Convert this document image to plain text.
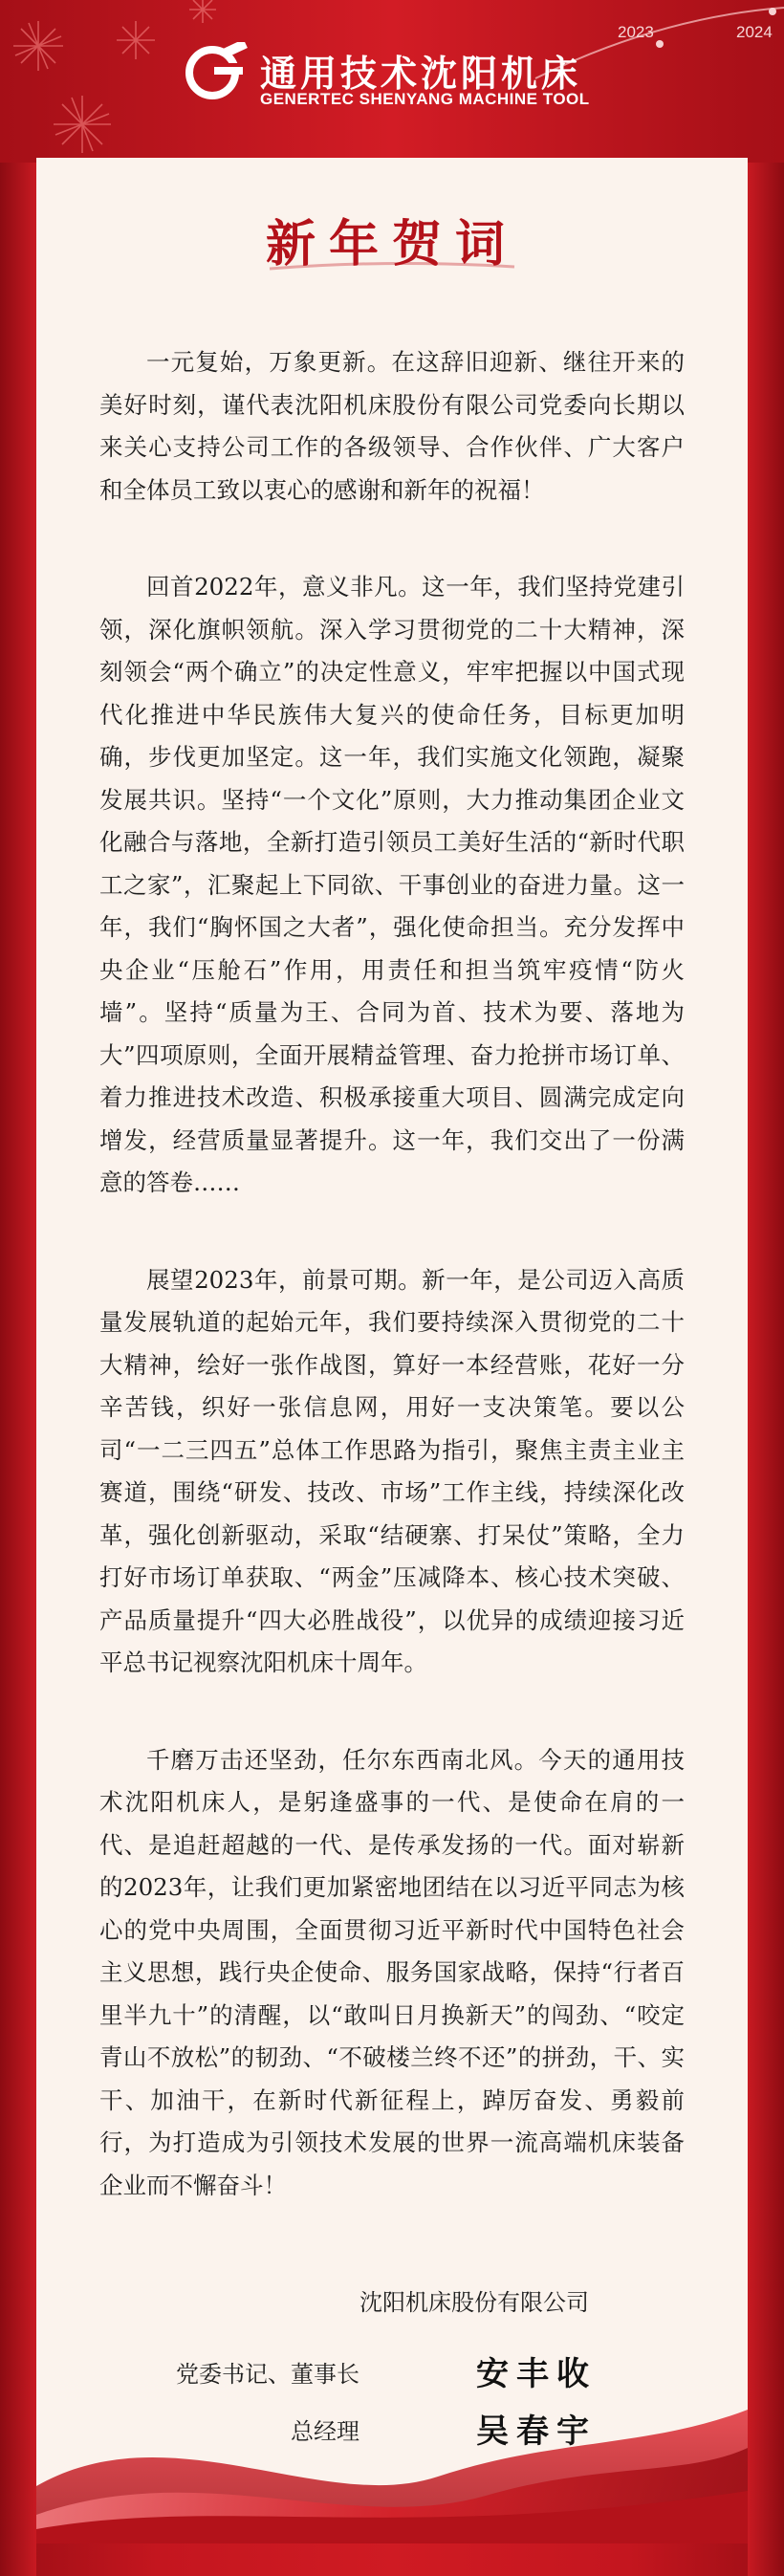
通用技术沈阳机床
GENERTEC SHENYANG MACHINE TOOL
2023	2024
新年贺词

一元复始，万象更新。在这辞旧迎新、继往开来的美好时刻，谨代表沈阳机床股份有限公司党委向长期以来关心支持公司工作的各级领导、合作伙伴、广大客户和全体员工致以衷心的感谢和新年的祝福！

回首2022年，意义非凡。这一年，我们坚持党建引领，深化旗帜领航。深入学习贯彻党的二十大精神，深刻领会“两个确立”的决定性意义，牢牢把握以中国式现代化推进中华民族伟大复兴的使命任务，目标更加明确，步伐更加坚定。这一年，我们实施文化领跑，凝聚发展共识。坚持“一个文化”原则，大力推动集团企业文化融合与落地，全新打造引领员工美好生活的“新时代职工之家”，汇聚起上下同欲、干事创业的奋进力量。这一年，我们“胸怀国之大者”，强化使命担当。充分发挥中央企业“压舱石”作用，用责任和担当筑牢疫情“防火墙”。坚持“质量为王、合同为首、技术为要、落地为大”四项原则，全面开展精益管理、奋力抢拼市场订单、着力推进技术改造、积极承接重大项目、圆满完成定向增发，经营质量显著提升。这一年，我们交出了一份满意的答卷……

展望2023年，前景可期。新一年，是公司迈入高质量发展轨道的起始元年，我们要持续深入贯彻党的二十大精神，绘好一张作战图，算好一本经营账，花好一分辛苦钱，织好一张信息网，用好一支决策笔。要以公司“一二三四五”总体工作思路为指引，聚焦主责主业主赛道，围绕“研发、技改、市场”工作主线，持续深化改革，强化创新驱动，采取“结硬寨、打呆仗”策略，全力打好市场订单获取、“两金”压减降本、核心技术突破、产品质量提升“四大必胜战役”，以优异的成绩迎接习近平总书记视察沈阳机床十周年。

千磨万击还坚劲，任尔东西南北风。今天的通用技术沈阳机床人，是躬逢盛事的一代、是使命在肩的一代、是追赶超越的一代、是传承发扬的一代。面对崭新的2023年，让我们更加紧密地团结在以习近平同志为核心的党中央周围，全面贯彻习近平新时代中国特色社会主义思想，践行央企使命、服务国家战略，保持“行者百里半九十”的清醒，以“敢叫日月换新天”的闯劲、“咬定青山不放松”的韧劲、“不破楼兰终不还”的拼劲，干、实干、加油干，在新时代新征程上，踔厉奋发、勇毅前行，为打造成为引领技术发展的世界一流高端机床装备企业而不懈奋斗！

沈阳机床股份有限公司
党委书记、董事长	安丰收
总经理	吴春宇
